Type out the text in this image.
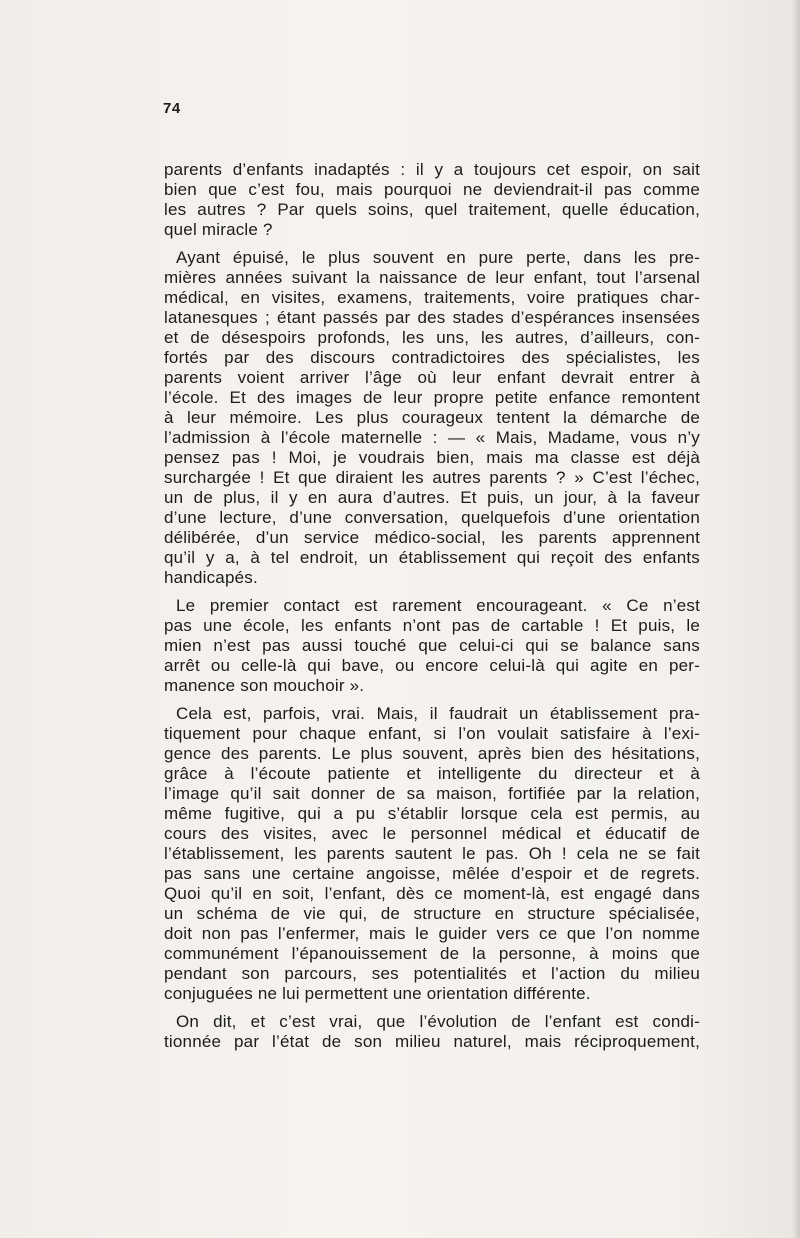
74

parents d’enfants inadaptés : il y a toujours cet espoir, on sait
bien que c’est fou, mais pourquoi ne deviendrait-il pas comme
les autres ? Par quels soins, quel traitement, quelle éducation,
quel miracle ?

Ayant épuisé, le plus souvent en pure perte, dans les pre-
mières années suivant la naissance de leur enfant, tout l’arsenal
médical, en visites, examens, traitements, voire pratiques char-
latanesques ; étant passés par des stades d’espérances insensées
et de désespoirs profonds, les uns, les autres, d’ailleurs, con-
fortés par des discours contradictoires des spécialistes, les
parents voient arriver l’âge où leur enfant devrait entrer à
l’école. Et des images de leur propre petite enfance remontent
à leur mémoire. Les plus courageux tentent la démarche de
l’admission à l’école maternelle : — « Mais, Madame, vous n’y
pensez pas ! Moi, je voudrais bien, mais ma classe est déjà
surchargée ! Et que diraient les autres parents ? » C’est l’échec,
un de plus, il y en aura d’autres. Et puis, un jour, à la faveur
d’une lecture, d’une conversation, quelquefois d’une orientation
délibérée, d’un service médico-social, les parents apprennent
qu’il y a, à tel endroit, un établissement qui reçoit des enfants
handicapés.

Le premier contact est rarement encourageant. « Ce n’est
pas une école, les enfants n’ont pas de cartable ! Et puis, le
mien n’est pas aussi touché que celui-ci qui se balance sans
arrêt ou celle-là qui bave, ou encore celui-là qui agite en per-
manence son mouchoir ».

Cela est, parfois, vrai. Mais, il faudrait un établissement pra-
tiquement pour chaque enfant, si l’on voulait satisfaire à l’exi-
gence des parents. Le plus souvent, après bien des hésitations,
grâce à l’écoute patiente et intelligente du directeur et à
l’image qu’il sait donner de sa maison, fortifiée par la relation,
même fugitive, qui a pu s’établir lorsque cela est permis, au
cours des visites, avec le personnel médical et éducatif de
l’établissement, les parents sautent le pas. Oh ! cela ne se fait
pas sans une certaine angoisse, mêlée d’espoir et de regrets.
Quoi qu’il en soit, l’enfant, dès ce moment-là, est engagé dans
un schéma de vie qui, de structure en structure spécialisée,
doit non pas l’enfermer, mais le guider vers ce que l’on nomme
communément l’épanouissement de la personne, à moins que
pendant son parcours, ses potentialités et l’action du milieu
conjuguées ne lui permettent une orientation différente.

On dit, et c’est vrai, que l’évolution de l’enfant est condi-
tionnée par l’état de son milieu naturel, mais réciproquement,
